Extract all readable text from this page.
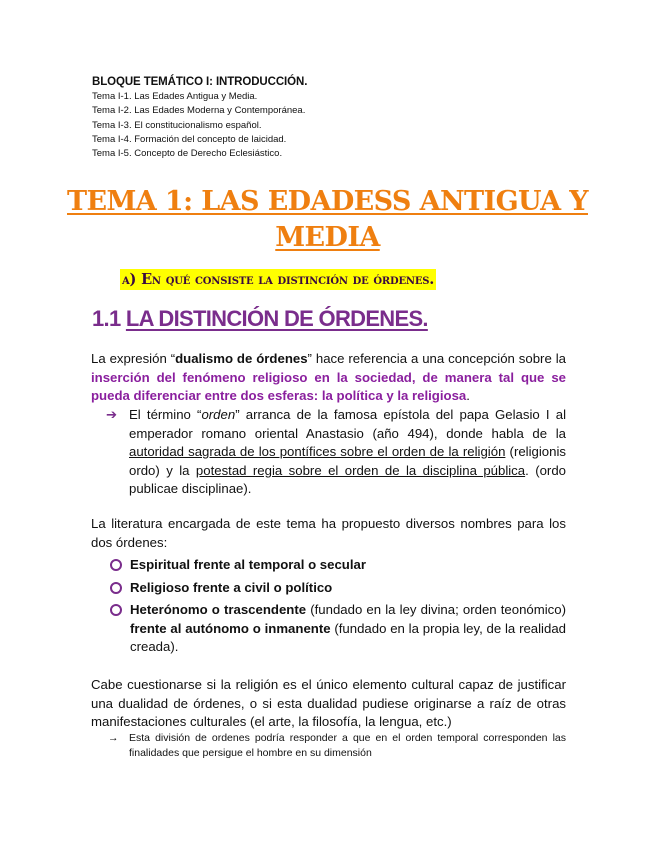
BLOQUE TEMÁTICO I: INTRODUCCIÓN.

Tema I-1. Las Edades Antigua y Media.

Tema I-2. Las Edades Moderna y Contemporánea.

Tema I-3. El constitucionalismo español.

Tema I-4. Formación del concepto de laicidad.

Tema I-5. Concepto de Derecho Eclesiástico.

TEMA 1: LAS EDADESS ANTIGUA Y MEDIA
a) En qué consiste la distinción de órdenes.
1.1 LA DISTINCIÓN DE ÓRDENES.
La expresión “dualismo de órdenes” hace referencia a una concepción sobre la inserción del fenómeno religioso en la sociedad, de manera tal que se pueda diferenciar entre dos esferas: la política y la religiosa.
➔ El término “orden” arranca de la famosa epístola del papa Gelasio I al emperador romano oriental Anastasio (año 494), donde habla de la autoridad sagrada de los pontífices sobre el orden de la religión (religionis ordo) y la potestad regia sobre el orden de la disciplina pública. (ordo publicae disciplinae).
La literatura encargada de este tema ha propuesto diversos nombres para los dos órdenes:
Espiritual frente al temporal o secular
Religioso frente a civil o político
Heterónomo o trascendente (fundado en la ley divina; orden teonómico) frente al autónomo o inmanente (fundado en la propia ley, de la realidad creada).
Cabe cuestionarse si la religión es el único elemento cultural capaz de justificar una dualidad de órdenes, o si esta dualidad pudiese originarse a raíz de otras manifestaciones culturales (el arte, la filosofía, la lengua, etc.)
→ Esta división de ordenes podría responder a que en el orden temporal corresponden las finalidades que persigue el hombre en su dimensión
